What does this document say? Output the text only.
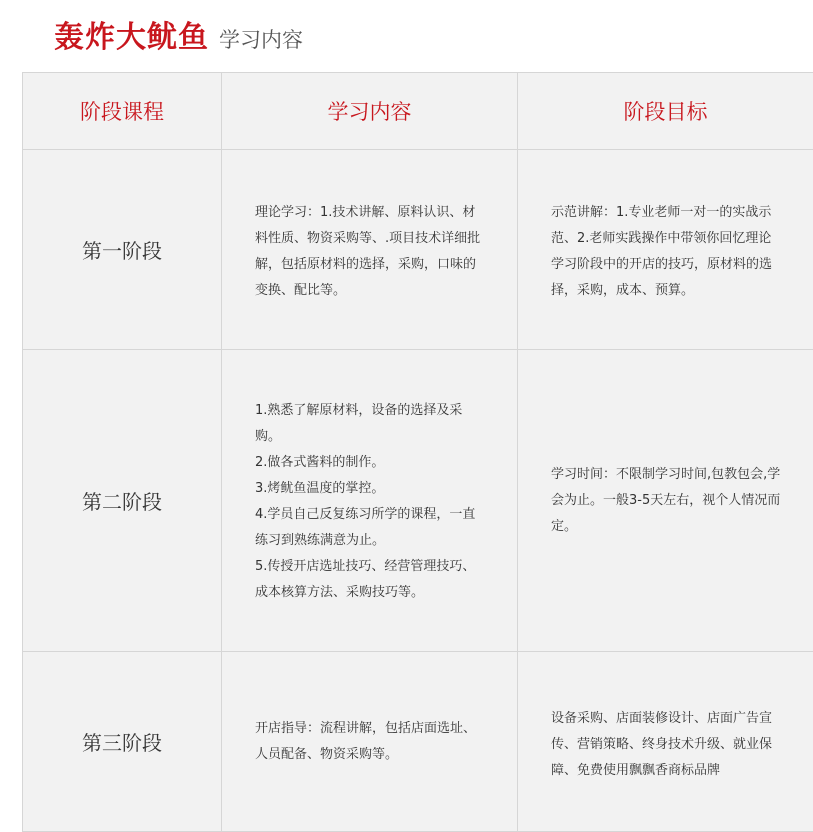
轰炸大鱿鱼 学习内容
阶段课程	学习内容	阶段目标
第一阶段	理论学习：1.技术讲解、原料认识、材料性质、物资采购等、.项目技术详细批解，包括原材料的选择，采购，口味的变换、配比等。	示范讲解：1.专业老师一对一的实战示范、2.老师实践操作中带领你回忆理论学习阶段中的开店的技巧，原材料的选择，采购，成本、预算。

第二阶段	1.熟悉了解原材料，设备的选择及采购。
2.做各式酱料的制作。
3.烤鱿鱼温度的掌控。
4.学员自己反复练习所学的课程，一直练习到熟练满意为止。
5.传授开店选址技巧、经营管理技巧、成本核算方法、采购技巧等。	学习时间：不限制学习时间,包教包会,学会为止。一般3-5天左右，视个人情况而定。

第三阶段	开店指导：流程讲解，包括店面选址、人员配备、物资采购等。	设备采购、店面装修设计、店面广告宣传、营销策略、终身技术升级、就业保障、免费使用飘飘香商标品牌
